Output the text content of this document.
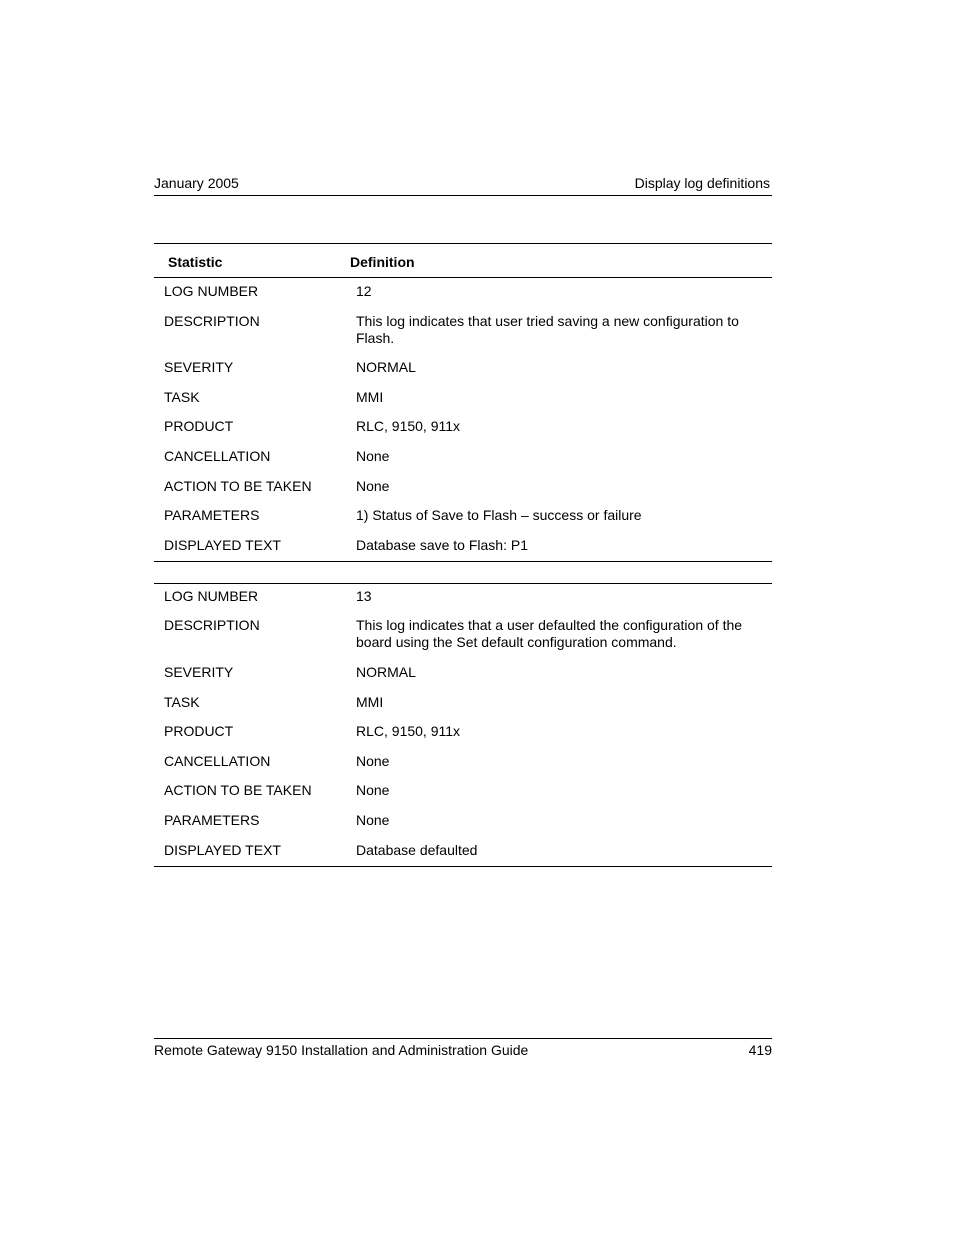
January 2005	Display log definitions
Statistic	Definition
LOG NUMBER	12
DESCRIPTION	This log indicates that user tried saving a new configuration to Flash.
SEVERITY	NORMAL
TASK	MMI
PRODUCT	RLC, 9150, 911x
CANCELLATION	None
ACTION TO BE TAKEN	None
PARAMETERS	1) Status of Save to Flash – success or failure
DISPLAYED TEXT	Database save to Flash: P1
LOG NUMBER	13
DESCRIPTION	This log indicates that a user defaulted the configuration of the board using the Set default configuration command.
SEVERITY	NORMAL
TASK	MMI
PRODUCT	RLC, 9150, 911x
CANCELLATION	None
ACTION TO BE TAKEN	None
PARAMETERS	None
DISPLAYED TEXT	Database defaulted
Remote Gateway 9150 Installation and Administration Guide	419
